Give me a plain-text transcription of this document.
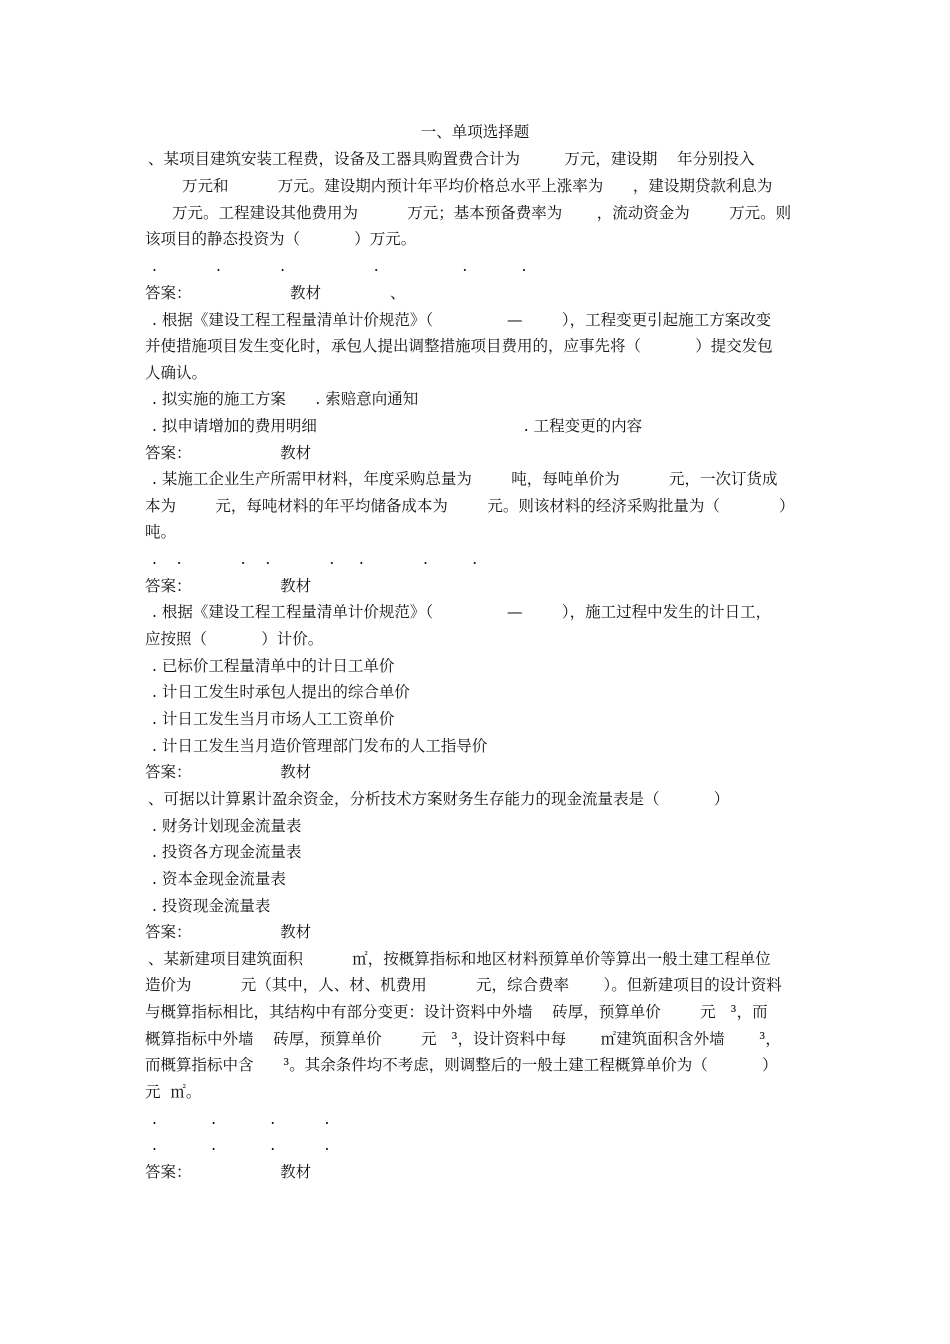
一、单项选择题
、某项目建筑安装工程费，设备及工器具购置费合计为         万元，建设期    年分别投入
万元和          万元。建设期内预计年平均价格总水平上涨率为      ，建设期贷款利息为
万元。工程建设其他费用为          万元；基本预备费率为       ，流动资金为        万元。则
该项目的静态投资为（           ）万元。
.            .            .                  .                 .           .
答案：                    教材              、
. 根据《建设工程工程量清单计价规范》（               —        ），工程变更引起施工方案改变
并使措施项目发生变化时，承包人提出调整措施项目费用的，应事先将（           ）提交发包
人确认。
. 拟实施的施工方案      . 索赔意向通知
. 拟申请增加的费用明细                                          . 工程变更的内容
答案：                  教材
. 某施工企业生产所需甲材料，年度采购总量为        吨，每吨单价为          元，一次订货成
本为        元，每吨材料的年平均储备成本为        元。则该材料的经济采购批量为（            ）
吨。
.    .            .    .            .     .            .         .
答案：                  教材
. 根据《建设工程工程量清单计价规范》（               —        ），施工过程中发生的计日工，
应按照（           ）计价。
. 已标价工程量清单中的计日工单价
. 计日工发生时承包人提出的综合单价
. 计日工发生当月市场人工工资单价
. 计日工发生当月造价管理部门发布的人工指导价
答案：                  教材
、可据以计算累计盈余资金，分析技术方案财务生存能力的现金流量表是（           ）
. 财务计划现金流量表
. 投资各方现金流量表
. 资本金现金流量表
. 投资现金流量表
答案：                  教材
、某新建项目建筑面积          ㎡，按概算指标和地区材料预算单价等算出一般土建工程单位
造价为          元（其中，人、材、机费用          元，综合费率       ）。但新建项目的设计资料
与概算指标相比，其结构中有部分变更：设计资料中外墙    砖厚，预算单价        元   ³，而
概算指标中外墙    砖厚，预算单价        元   ³，设计资料中每       ㎡建筑面积含外墙       ³，
而概算指标中含      ³。其余条件均不考虑，则调整后的一般土建工程概算单价为（           ）
元  ㎡。
.           .           .          .
.           .           .          .
答案：                  教材
